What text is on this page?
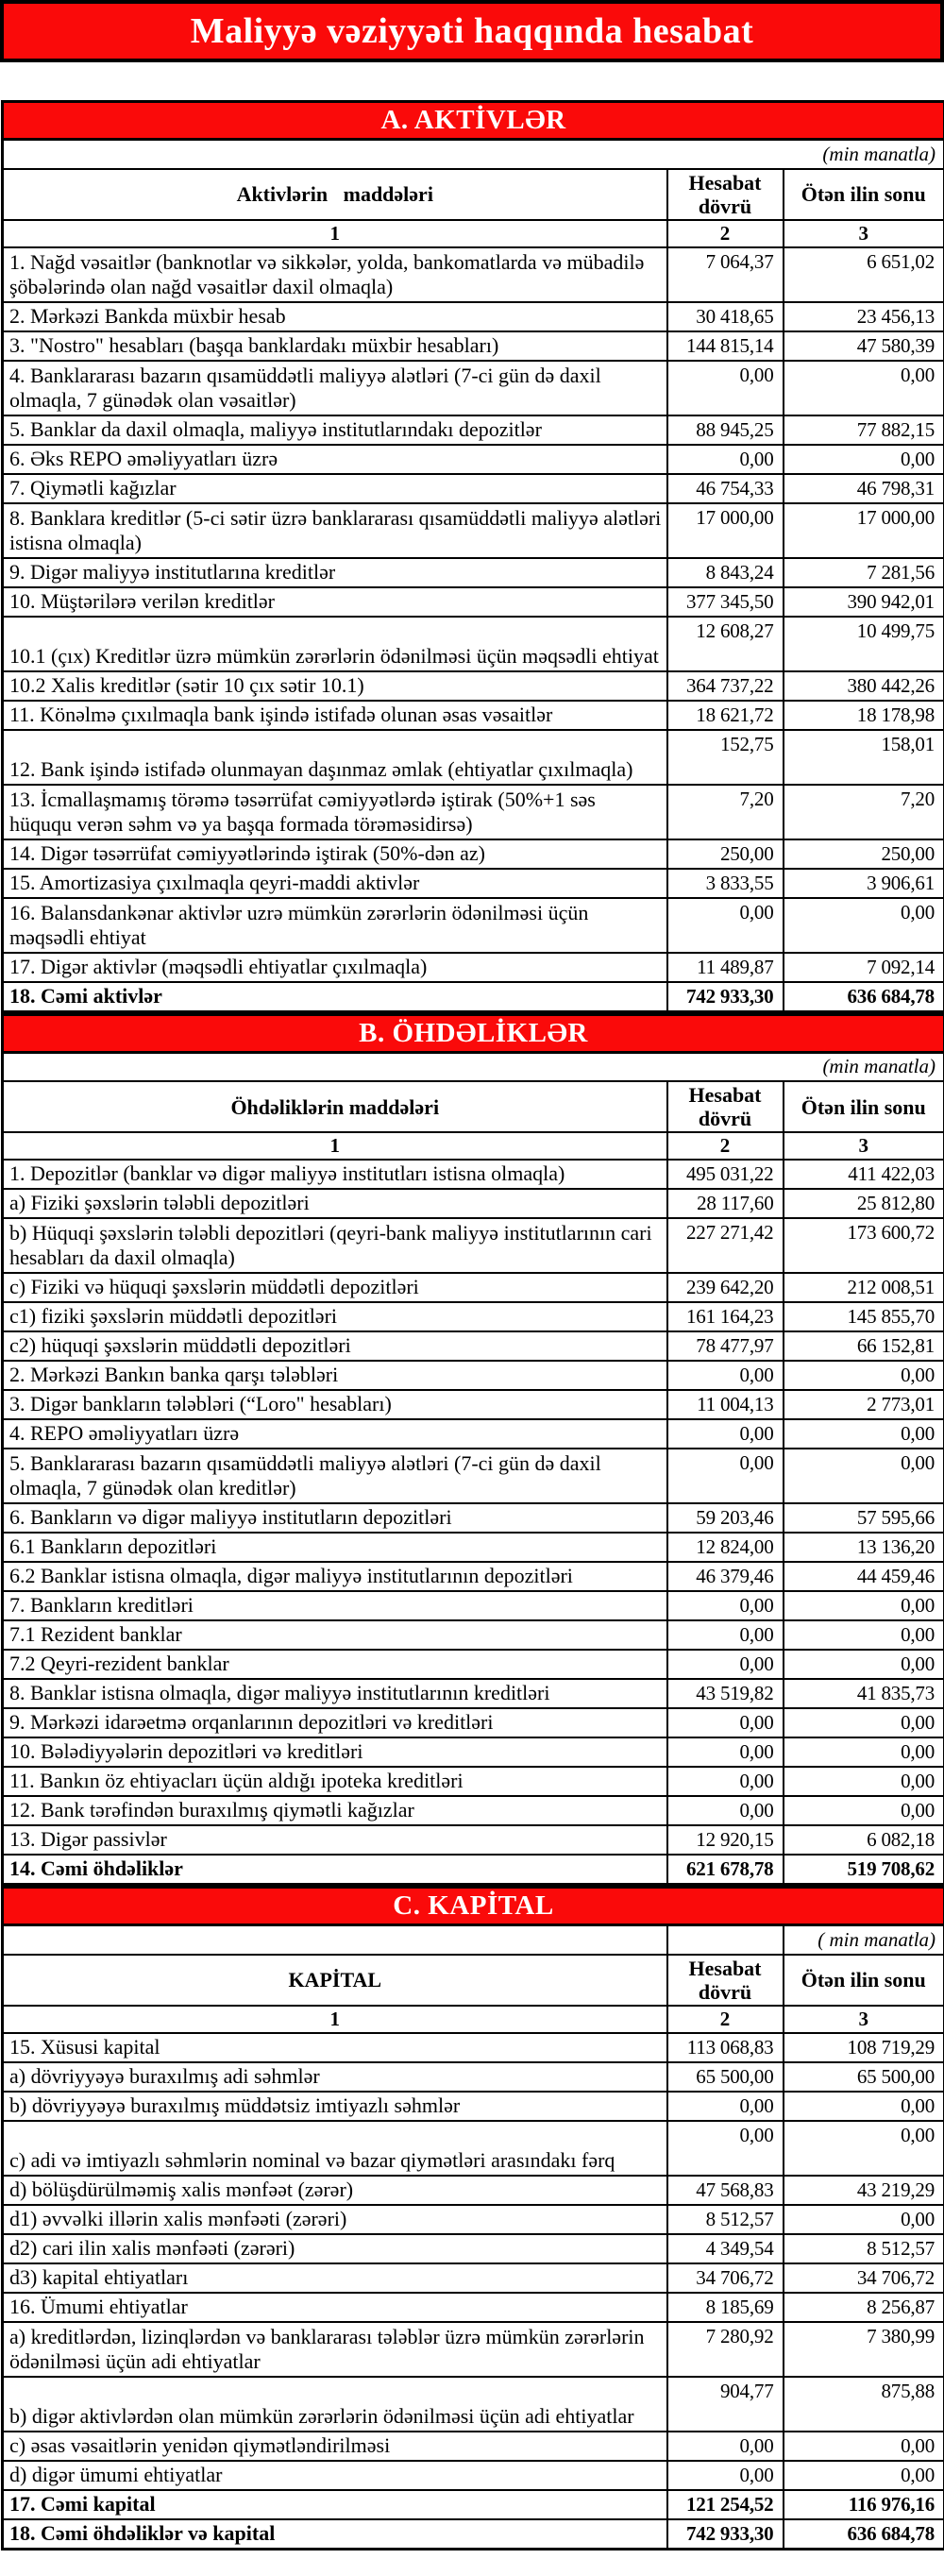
Maliyyə vəziyyəti haqqında hesabat
A. AKTİVLƏR		
(min manatla)		
Aktivlərin   maddələri	Hesabat dövrü	Ötən ilin sonu
1	2	3
1. Nağd vəsaitlər (banknotlar və sikkələr, yolda, bankomatlarda və mübadilə şöbələrində olan nağd vəsaitlər daxil olmaqla)	7 064,37	6 651,02
2. Mərkəzi Bankda müxbir hesab	30 418,65	23 456,13
3. "Nostro" hesabları (başqa banklardakı müxbir hesabları)	144 815,14	47 580,39
4. Banklararası bazarın qısamüddətli maliyyə alətləri (7-ci gün də daxil olmaqla, 7 günədək olan vəsaitlər)	0,00	0,00
5. Banklar da daxil olmaqla, maliyyə institutlarındakı depozitlər	88 945,25	77 882,15
6. Əks REPO əməliyyatları üzrə	0,00	0,00
7. Qiymətli kağızlar	46 754,33	46 798,31
8. Banklara kreditlər (5-ci sətir üzrə banklararası qısamüddətli maliyyə alətləri istisna olmaqla)	17 000,00	17 000,00
9. Digər maliyyə institutlarına kreditlər	8 843,24	7 281,56
10. Müştərilərə verilən kreditlər	377 345,50	390 942,01
10.1 (çıx) Kreditlər üzrə mümkün zərərlərin ödənilməsi üçün məqsədli ehtiyat	12 608,27	10 499,75
10.2 Xalis kreditlər (sətir 10 çıx sətir 10.1)	364 737,22	380 442,26
11. Könəlmə çıxılmaqla bank işində istifadə olunan əsas vəsaitlər	18 621,72	18 178,98
12. Bank işində istifadə olunmayan daşınmaz əmlak (ehtiyatlar çıxılmaqla)	152,75	158,01
13. İcmallaşmamış törəmə təsərrüfat cəmiyyətlərdə iştirak (50%+1 səs hüququ verən səhm və ya başqa formada törəməsidirsə)	7,20	7,20
14. Digər təsərrüfat cəmiyyətlərində iştirak (50%-dən az)	250,00	250,00
15. Amortizasiya çıxılmaqla qeyri-maddi aktivlər	3 833,55	3 906,61
16. Balansdankənar aktivlər uzrə mümkün zərərlərin ödənilməsi üçün məqsədli ehtiyat	0,00	0,00
17. Digər aktivlər (məqsədli ehtiyatlar çıxılmaqla)	11 489,87	7 092,14
18. Cəmi aktivlər	742 933,30	636 684,78
B. ÖHDƏLİKLƏR		
(min manatla)		
Öhdəliklərin maddələri	Hesabat dövrü	Ötən ilin sonu
1	2	3
1. Depozitlər (banklar və digər maliyyə institutları istisna olmaqla)	495 031,22	411 422,03
a) Fiziki şəxslərin tələbli depozitləri	28 117,60	25 812,80
b) Hüquqi şəxslərin tələbli depozitləri (qeyri-bank maliyyə institutlarının cari hesabları da daxil olmaqla)	227 271,42	173 600,72
c) Fiziki və hüquqi şəxslərin müddətli depozitləri	239 642,20	212 008,51
c1) fiziki şəxslərin müddətli depozitləri	161 164,23	145 855,70
c2) hüquqi şəxslərin müddətli depozitləri	78 477,97	66 152,81
2. Mərkəzi Bankın banka qarşı tələbləri	0,00	0,00
3. Digər bankların tələbləri (“Loro" hesabları)	11 004,13	2 773,01
4. REPO əməliyyatları üzrə	0,00	0,00
5. Banklararası bazarın qısamüddətli maliyyə alətləri (7-ci gün də daxil olmaqla, 7 günədək olan kreditlər)	0,00	0,00
6. Bankların və digər maliyyə institutların depozitləri	59 203,46	57 595,66
6.1 Bankların depozitləri	12 824,00	13 136,20
6.2 Banklar istisna olmaqla, digər maliyyə institutlarının depozitləri	46 379,46	44 459,46
7. Bankların kreditləri	0,00	0,00
7.1 Rezident banklar	0,00	0,00
7.2 Qeyri-rezident banklar	0,00	0,00
8. Banklar istisna olmaqla, digər maliyyə institutlarının kreditləri	43 519,82	41 835,73
9. Mərkəzi idarəetmə orqanlarının depozitləri və kreditləri	0,00	0,00
10. Bələdiyyələrin depozitləri və kreditləri	0,00	0,00
11. Bankın öz ehtiyacları üçün aldığı ipoteka kreditləri	0,00	0,00
12. Bank tərəfindən buraxılmış qiymətli kağızlar	0,00	0,00
13. Digər passivlər	12 920,15	6 082,18
14. Cəmi öhdəliklər	621 678,78	519 708,62
C. KAPİTAL		
		( min manatla)
KAPİTAL	Hesabat dövrü	Ötən ilin sonu
1	2	3
15. Xüsusi kapital	113 068,83	108 719,29
a) dövriyyəyə buraxılmış adi səhmlər	65 500,00	65 500,00
b) dövriyyəyə buraxılmış müddətsiz imtiyazlı səhmlər	0,00	0,00
c) adi və imtiyazlı səhmlərin nominal və bazar qiymətləri arasındakı fərq	0,00	0,00
d) bölüşdürülməmiş xalis mənfəət (zərər)	47 568,83	43 219,29
d1) əvvəlki illərin xalis mənfəəti (zərəri)	8 512,57	0,00
d2) cari ilin xalis mənfəəti (zərəri)	4 349,54	8 512,57
d3) kapital ehtiyatları	34 706,72	34 706,72
16. Ümumi ehtiyatlar	8 185,69	8 256,87
a) kreditlərdən, lizinqlərdən və banklararası tələblər üzrə mümkün zərərlərin ödənilməsi üçün adi ehtiyatlar	7 280,92	7 380,99
b) digər aktivlərdən olan mümkün zərərlərin ödənilməsi üçün adi ehtiyatlar	904,77	875,88
c) əsas vəsaitlərin yenidən qiymətləndirilməsi	0,00	0,00
d) digər ümumi ehtiyatlar	0,00	0,00
17. Cəmi kapital	121 254,52	116 976,16
18. Cəmi öhdəliklər və kapital	742 933,30	636 684,78
